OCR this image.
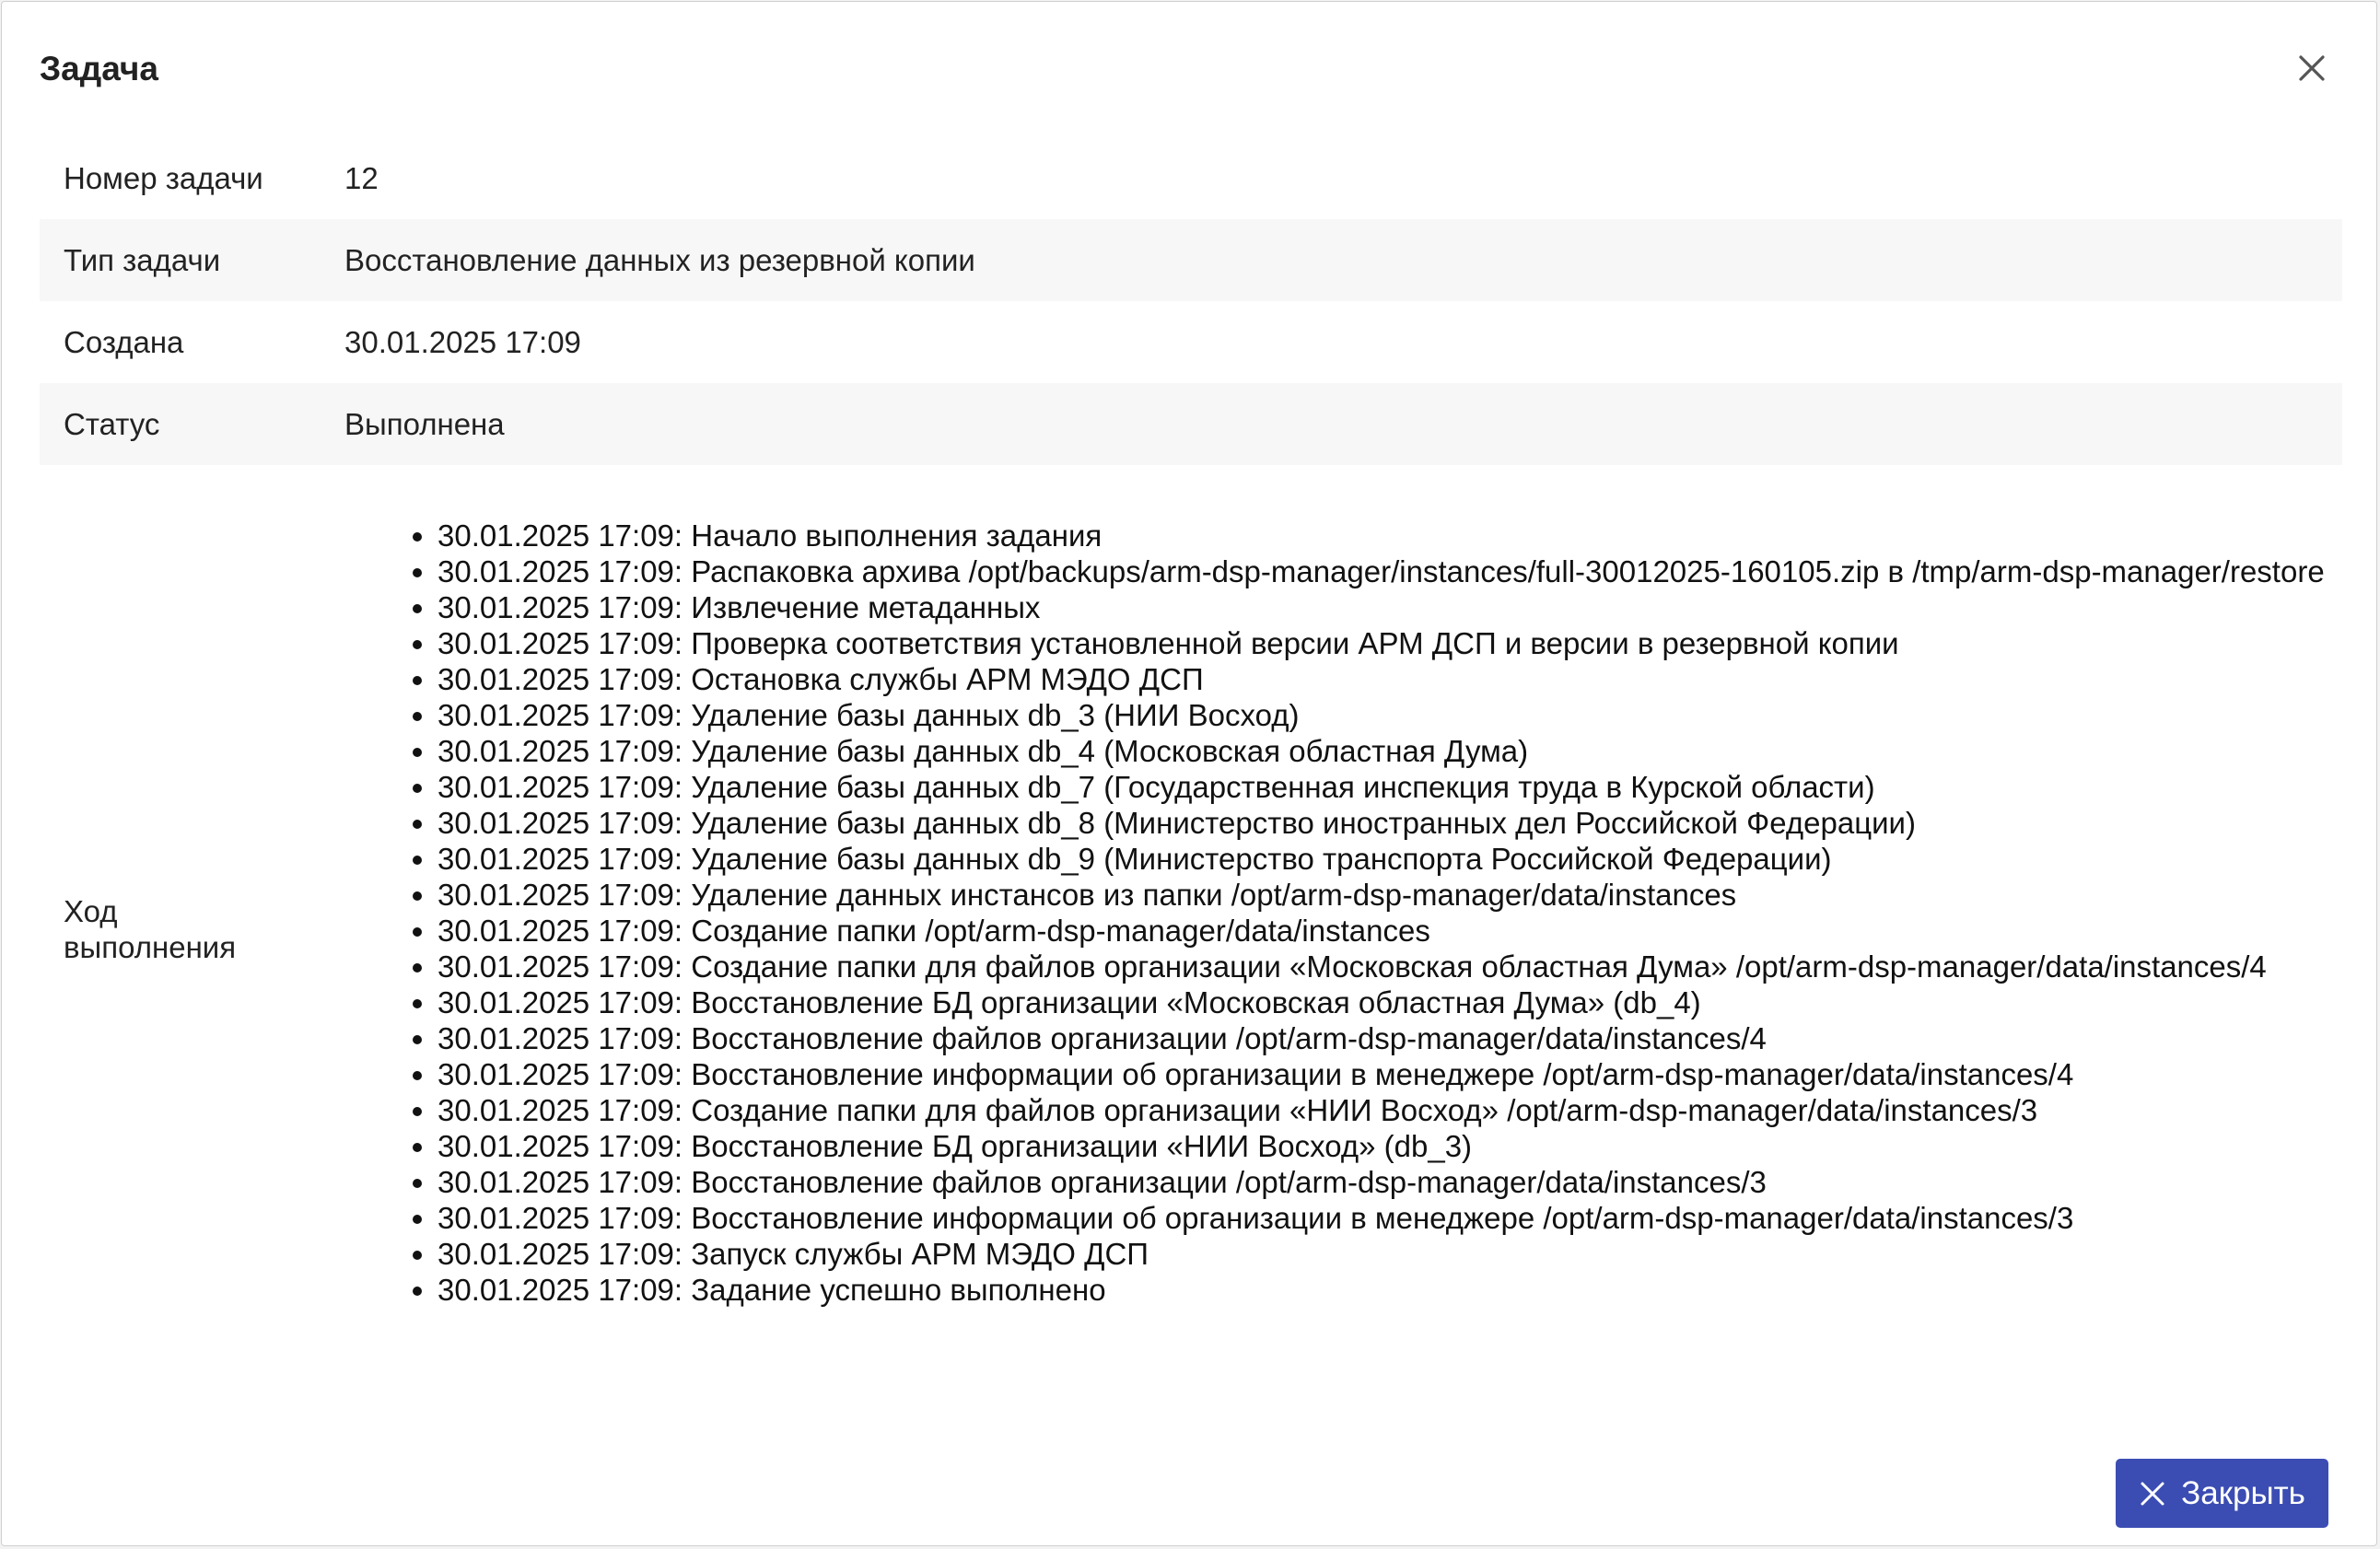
Задача
Номер задачи	12
Тип задачи	Восстановление данных из резервной копии
Создана	30.01.2025 17:09
Статус	Выполнена
Ход выполнения
• 30.01.2025 17:09: Начало выполнения задания
• 30.01.2025 17:09: Распаковка архива /opt/backups/arm-dsp-manager/instances/full-30012025-160105.zip в /tmp/arm-dsp-manager/restore
• 30.01.2025 17:09: Извлечение метаданных
• 30.01.2025 17:09: Проверка соответствия установленной версии АРМ ДСП и версии в резервной копии
• 30.01.2025 17:09: Остановка службы АРМ МЭДО ДСП
• 30.01.2025 17:09: Удаление базы данных db_3 (НИИ Восход)
• 30.01.2025 17:09: Удаление базы данных db_4 (Московская областная Дума)
• 30.01.2025 17:09: Удаление базы данных db_7 (Государственная инспекция труда в Курской области)
• 30.01.2025 17:09: Удаление базы данных db_8 (Министерство иностранных дел Российской Федерации)
• 30.01.2025 17:09: Удаление базы данных db_9 (Министерство транспорта Российской Федерации)
• 30.01.2025 17:09: Удаление данных инстансов из папки /opt/arm-dsp-manager/data/instances
• 30.01.2025 17:09: Создание папки /opt/arm-dsp-manager/data/instances
• 30.01.2025 17:09: Создание папки для файлов организации «Московская областная Дума» /opt/arm-dsp-manager/data/instances/4
• 30.01.2025 17:09: Восстановление БД организации «Московская областная Дума» (db_4)
• 30.01.2025 17:09: Восстановление файлов организации /opt/arm-dsp-manager/data/instances/4
• 30.01.2025 17:09: Восстановление информации об организации в менеджере /opt/arm-dsp-manager/data/instances/4
• 30.01.2025 17:09: Создание папки для файлов организации «НИИ Восход» /opt/arm-dsp-manager/data/instances/3
• 30.01.2025 17:09: Восстановление БД организации «НИИ Восход» (db_3)
• 30.01.2025 17:09: Восстановление файлов организации /opt/arm-dsp-manager/data/instances/3
• 30.01.2025 17:09: Восстановление информации об организации в менеджере /opt/arm-dsp-manager/data/instances/3
• 30.01.2025 17:09: Запуск службы АРМ МЭДО ДСП
• 30.01.2025 17:09: Задание успешно выполнено
Закрыть
